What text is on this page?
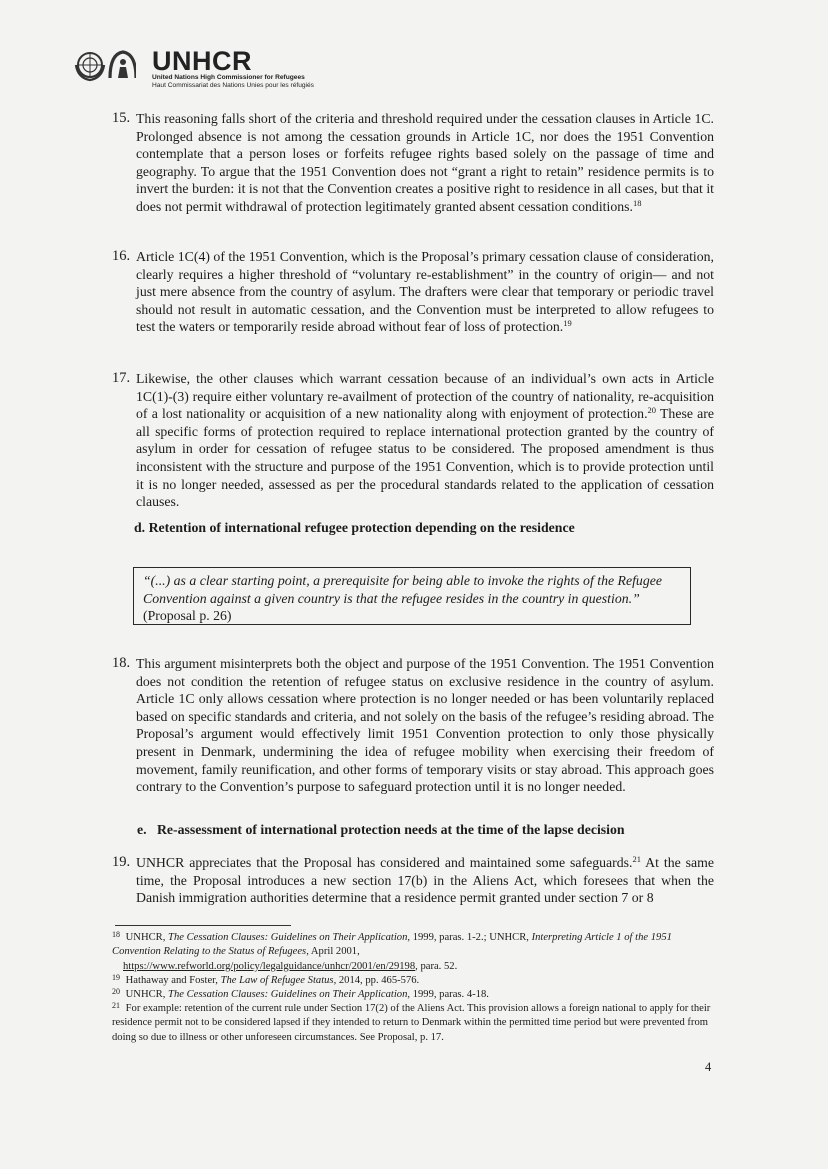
UNHCR
United Nations High Commissioner for Refugees
Haut Commissariat des Nations Unies pour les réfugiés
15. This reasoning falls short of the criteria and threshold required under the cessation clauses in Article 1C. Prolonged absence is not among the cessation grounds in Article 1C, nor does the 1951 Convention contemplate that a person loses or forfeits refugee rights based solely on the passage of time and geography. To argue that the 1951 Convention does not “grant a right to retain” residence permits is to invert the burden: it is not that the Convention creates a positive right to residence in all cases, but that it does not permit withdrawal of protection legitimately granted absent cessation conditions.$^{18}$
16. Article 1C(4) of the 1951 Convention, which is the Proposal’s primary cessation clause of consideration, clearly requires a higher threshold of “voluntary re-establishment” in the country of origin— and not just mere absence from the country of asylum. The drafters were clear that temporary or periodic travel should not result in automatic cessation, and the Convention must be interpreted to allow refugees to test the waters or temporarily reside abroad without fear of loss of protection.$^{19}$
17. Likewise, the other clauses which warrant cessation because of an individual’s own acts in Article 1C(1)-(3) require either voluntary re-availment of protection of the country of nationality, re-acquisition of a lost nationality or acquisition of a new nationality along with enjoyment of protection.$^{20}$ These are all specific forms of protection required to replace international protection granted by the country of asylum in order for cessation of refugee status to be considered. The proposed amendment is thus inconsistent with the structure and purpose of the 1951 Convention, which is to provide protection until it is no longer needed, assessed as per the procedural standards related to the application of cessation clauses.
d. Retention of international refugee protection depending on the residence
“(...) as a clear starting point, a prerequisite for being able to invoke the rights of the Refugee Convention against a given country is that the refugee resides in the country in question.” (Proposal p. 26)
18. This argument misinterprets both the object and purpose of the 1951 Convention. The 1951 Convention does not condition the retention of refugee status on exclusive residence in the country of asylum. Article 1C only allows cessation where protection is no longer needed or has been voluntarily replaced based on specific standards and criteria, and not solely on the basis of the refugee’s residing abroad. The Proposal’s argument would effectively limit 1951 Convention protection to only those physically present in Denmark, undermining the idea of refugee mobility when exercising their freedom of movement, family reunification, and other forms of temporary visits or stay abroad. This approach goes contrary to the Convention’s purpose to safeguard protection until it is no longer needed.
e. Re-assessment of international protection needs at the time of the lapse decision
19. UNHCR appreciates that the Proposal has considered and maintained some safeguards.$^{21}$ At the same time, the Proposal introduces a new section 17(b) in the Aliens Act, which foresees that when the Danish immigration authorities determine that a residence permit granted under section 7 or 8
18 UNHCR, The Cessation Clauses: Guidelines on Their Application, 1999, paras. 1-2.; UNHCR, Interpreting Article 1 of the 1951 Convention Relating to the Status of Refugees, April 2001,
https://www.refworld.org/policy/legalguidance/unhcr/2001/en/29198, para. 52.
19 Hathaway and Foster, The Law of Refugee Status, 2014, pp. 465-576.
20 UNHCR, The Cessation Clauses: Guidelines on Their Application, 1999, paras. 4-18.
21 For example: retention of the current rule under Section 17(2) of the Aliens Act. This provision allows a foreign national to apply for their residence permit not to be considered lapsed if they intended to return to Denmark within the permitted time period but were prevented from doing so due to illness or other unforeseen circumstances. See Proposal, p. 17.
4
